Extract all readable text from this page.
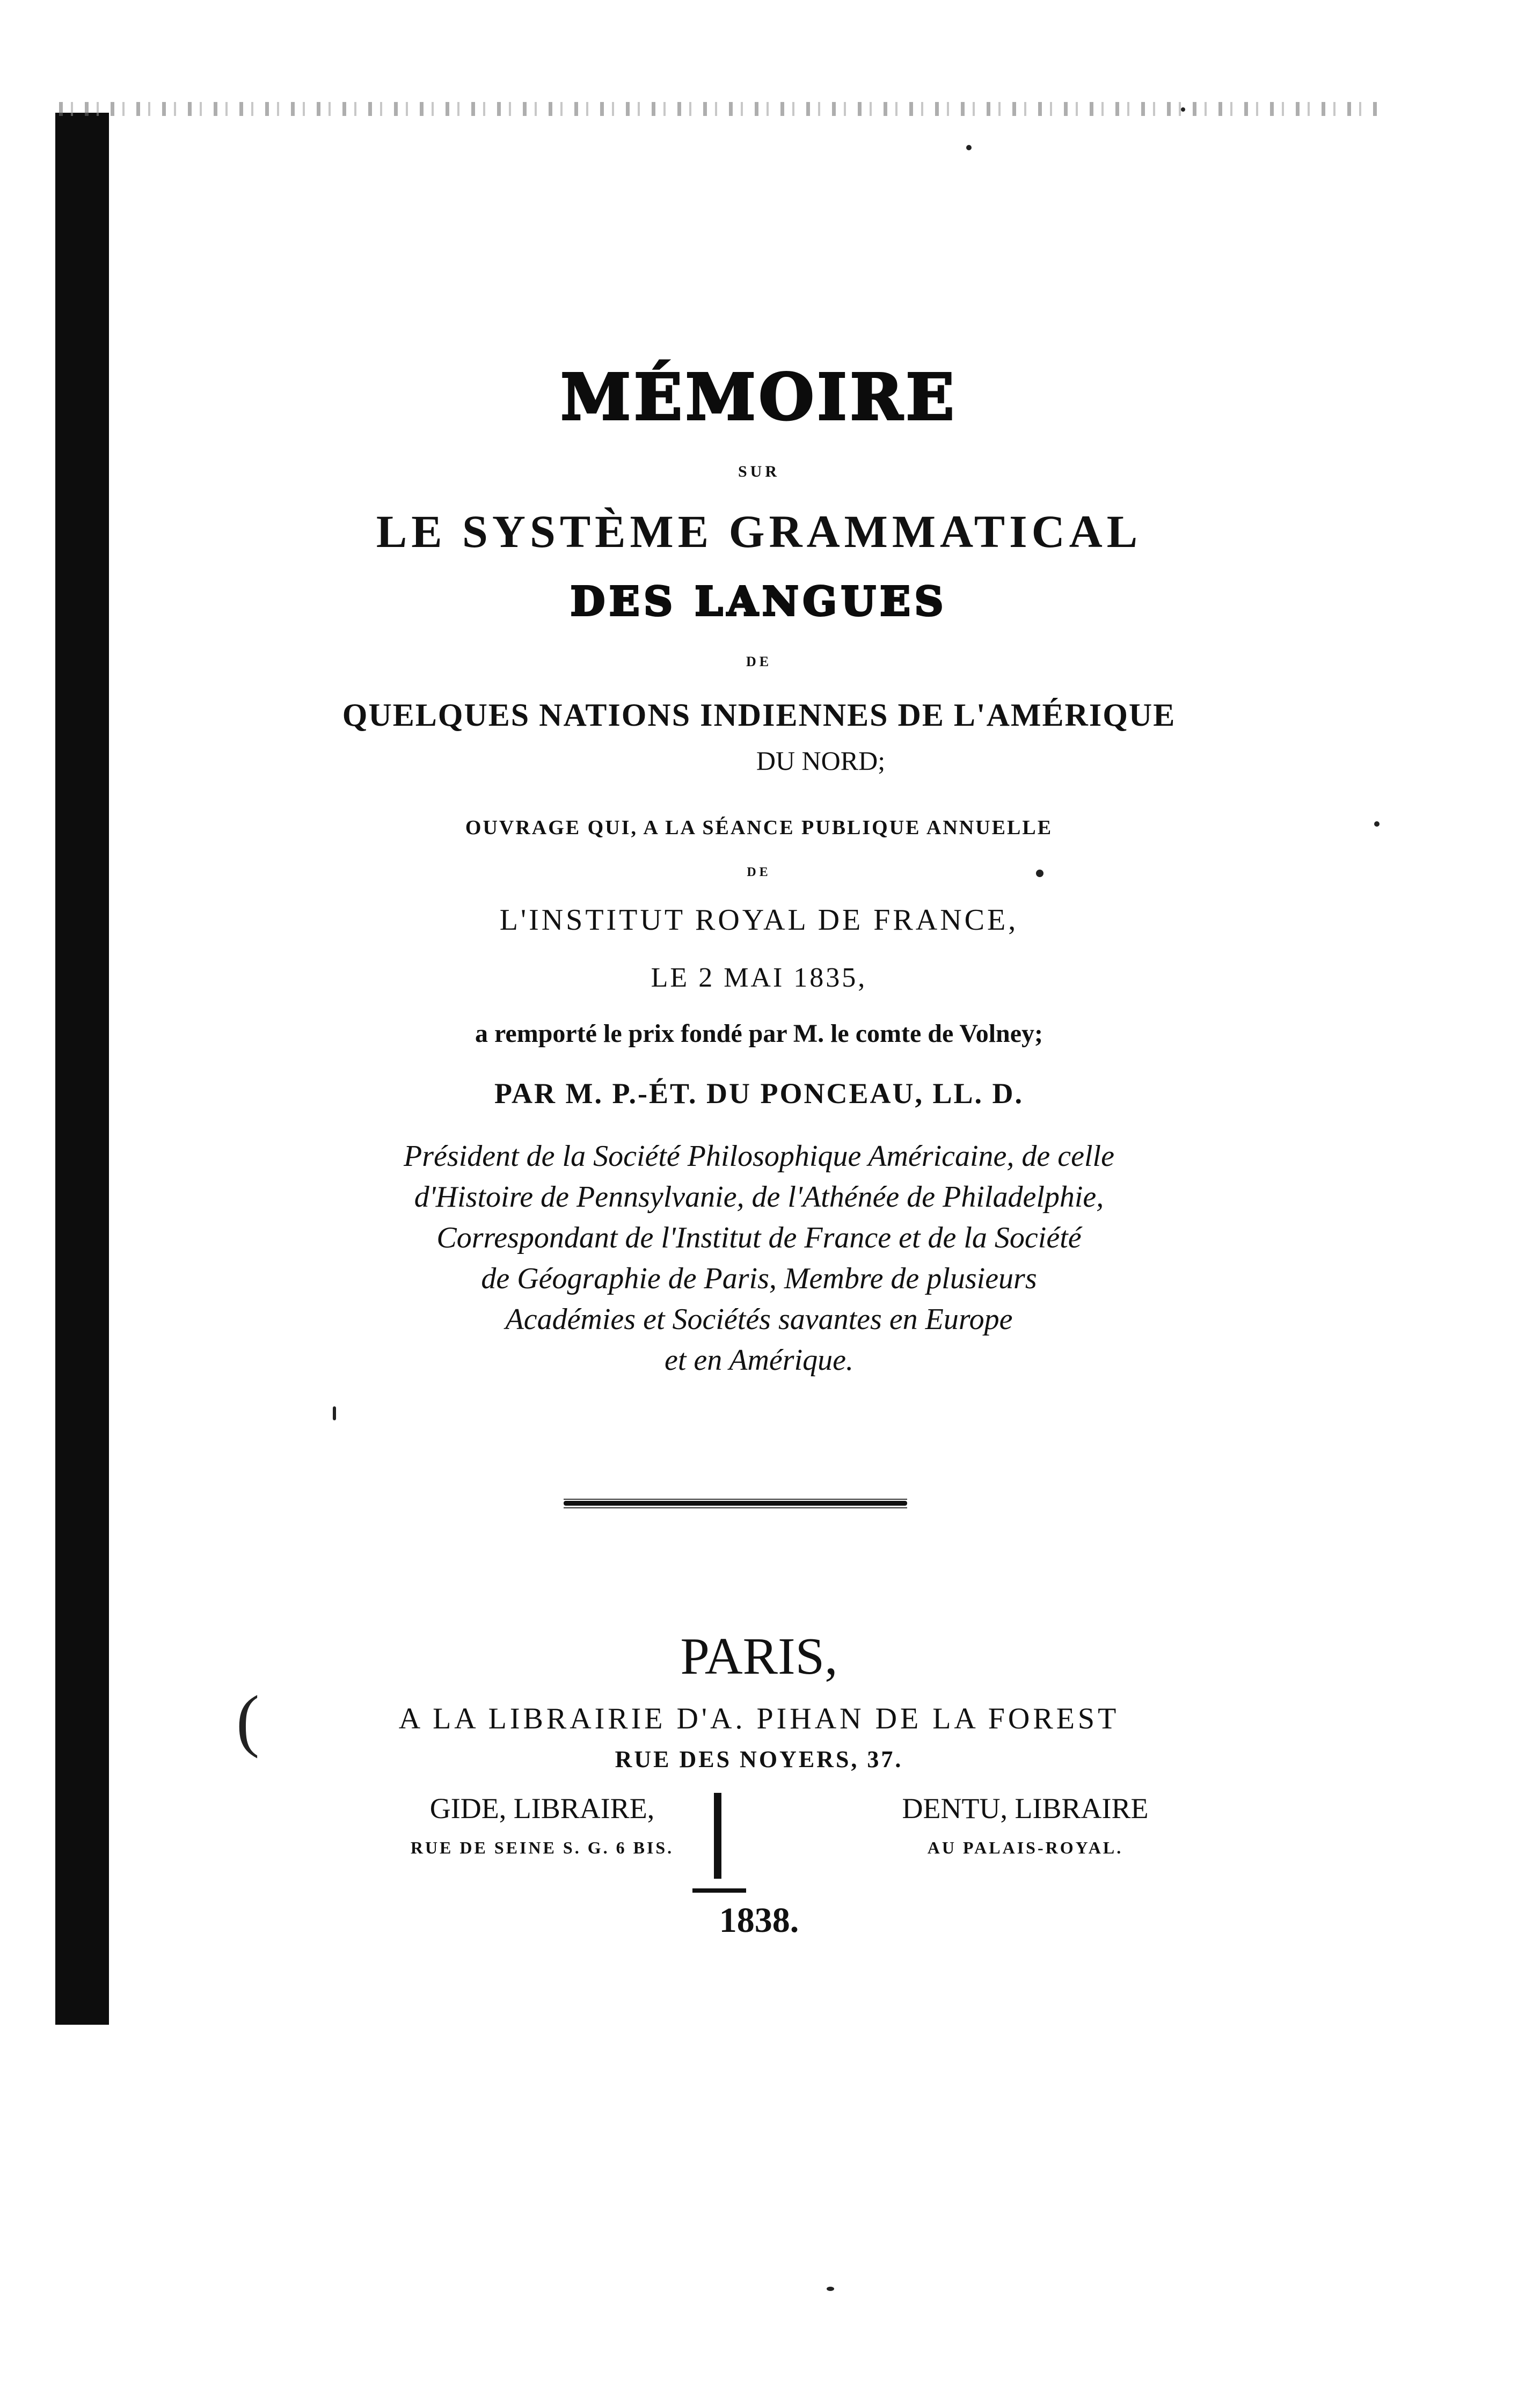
(
MÉMOIRE
SUR
LE SYSTÈME GRAMMATICAL
DES LANGUES
DE
QUELQUES NATIONS INDIENNES DE L'AMÉRIQUE
DU NORD;
OUVRAGE QUI, A LA SÉANCE PUBLIQUE ANNUELLE
DE
L'INSTITUT ROYAL DE FRANCE,
LE 2 MAI 1835,
a remporté le prix fondé par M. le comte de Volney;
PAR M. P.-ÉT. DU PONCEAU, LL. D.
Président de la Société Philosophique Américaine, de celle
d'Histoire de Pennsylvanie, de l'Athénée de Philadelphie,
Correspondant de l'Institut de France et de la Société
de Géographie de Paris, Membre de plusieurs
Académies et Sociétés savantes en Europe
et en Amérique.
PARIS,
A LA LIBRAIRIE D'A. PIHAN DE LA FOREST
RUE DES NOYERS, 37.
GIDE, LIBRAIRE,
RUE DE SEINE S. G. 6 BIS.
DENTU, LIBRAIRE
AU PALAIS-ROYAL.
1838.
